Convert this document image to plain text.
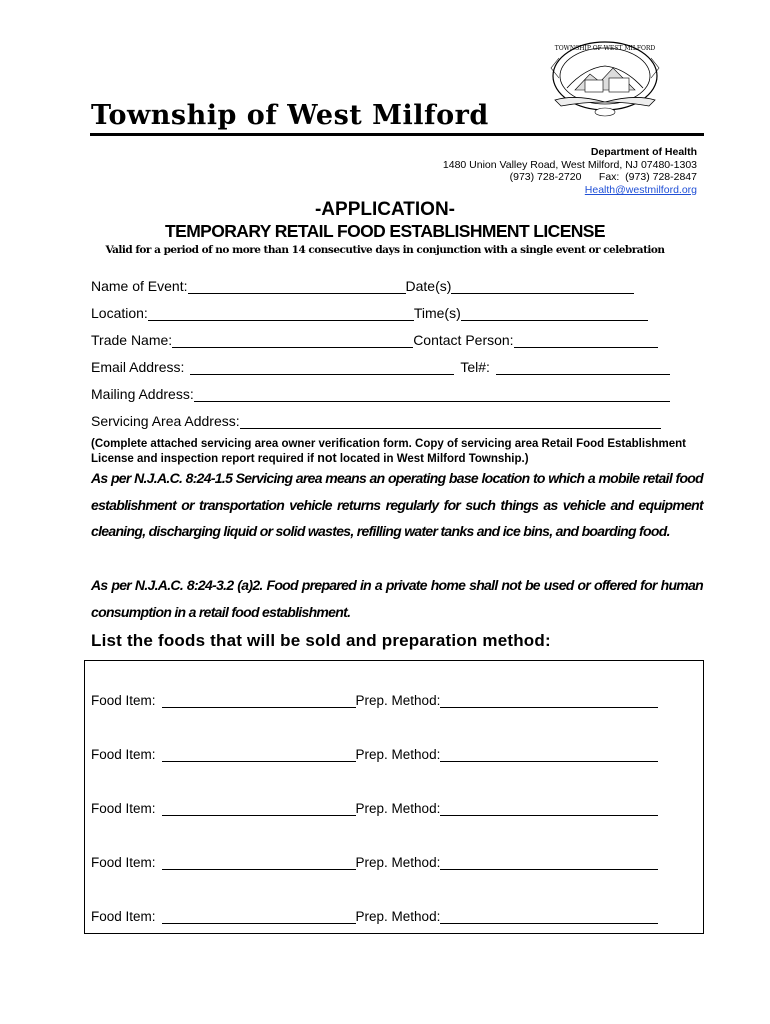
TOWNSHIP OF WEST MILFORD
Township of West Milford
Department of Health
1480 Union Valley Road, West Milford, NJ 07480-1303
(973) 728-2720      Fax:  (973) 728-2847
Health@westmilford.org
-APPLICATION-
TEMPORARY RETAIL FOOD ESTABLISHMENT LICENSE
Valid for a period of no more than 14 consecutive days in conjunction with a single event or celebration
Name of Event:	Date(s)
Location:	Time(s)
Trade Name:	Contact Person:
Email Address:	Tel#:
Mailing Address:
Servicing Area Address:
(Complete attached servicing area owner verification form. Copy of servicing area Retail Food Establishment License and inspection report required if not located in West Milford Township.)
As per N.J.A.C. 8:24-1.5 Servicing area means an operating base location to which a mobile retail food establishment or transportation vehicle returns regularly for such things as vehicle and equipment cleaning, discharging liquid or solid wastes, refilling water tanks and ice bins, and boarding food.
As per N.J.A.C. 8:24-3.2 (a)2. Food prepared in a private home shall not be used or offered for human consumption in a retail food establishment.
List the foods that will be sold and preparation method:
Food Item:	Prep. Method:
Food Item:	Prep. Method:
Food Item:	Prep. Method:
Food Item:	Prep. Method:
Food Item:	Prep. Method:
